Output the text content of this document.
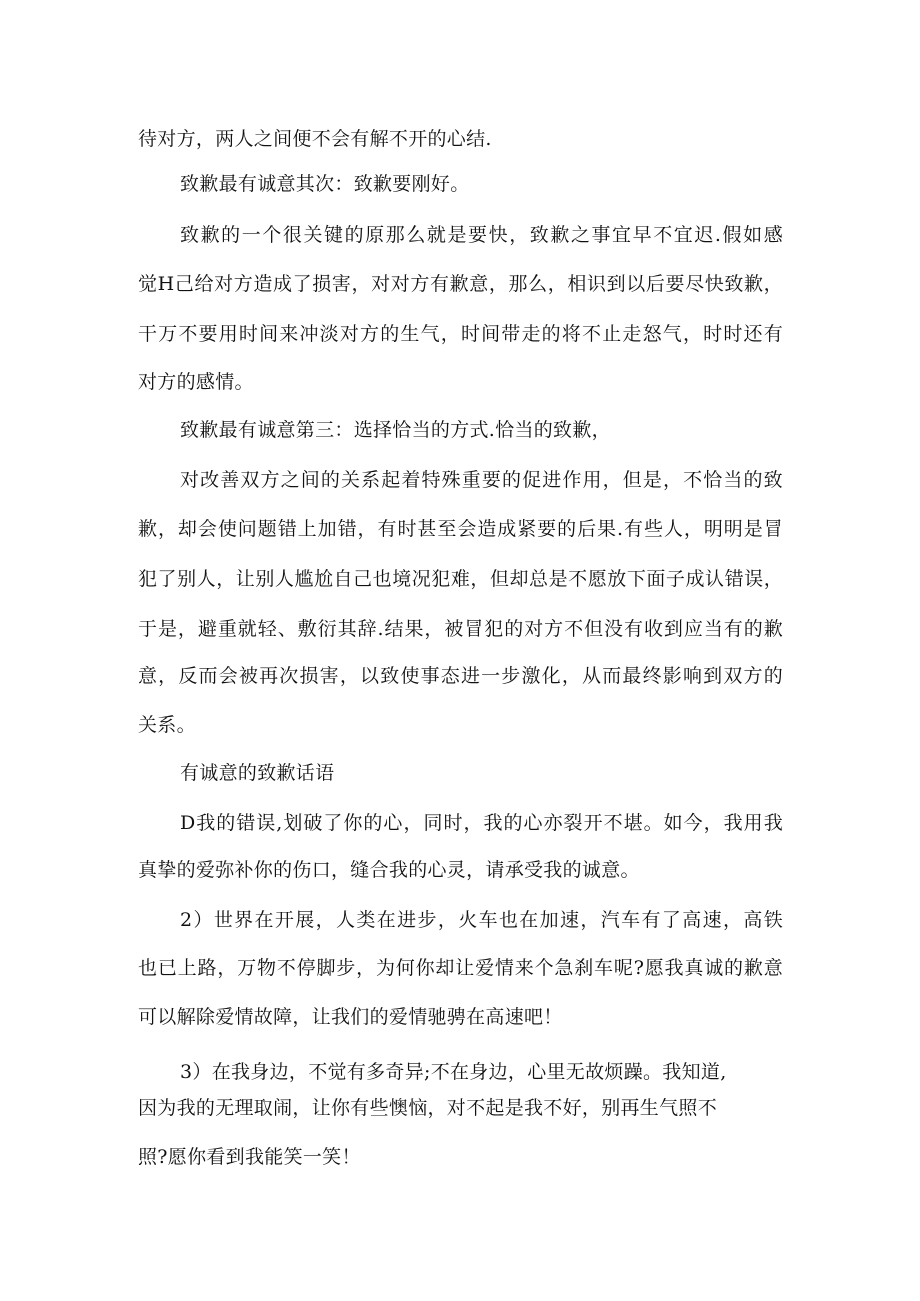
待对方，两人之间便不会有解不开的心结.
致歉最有诚意其次：致歉要刚好。
致歉的一个很关键的原那么就是要快，致歉之事宜早不宜迟.假如感
觉H己给对方造成了损害，对对方有歉意，那么，相识到以后要尽快致歉，
干万不要用时间来冲淡对方的生气，时间带走的将不止走怒气，时时还有
对方的感情。
致歉最有诚意第三：选择恰当的方式.恰当的致歉，
对改善双方之间的关系起着特殊重要的促进作用，但是，不恰当的致
歉，却会使问题错上加错，有时甚至会造成紧要的后果.有些人，明明是冒
犯了别人，让别人尴尬自己也境况犯难，但却总是不愿放下面子成认错误，
于是，避重就轻、敷衍其辞.结果，被冒犯的对方不但没有收到应当有的歉
意，反而会被再次损害，以致使事态进一步激化，从而最终影响到双方的
关系。
有诚意的致歉话语
D我的错误,划破了你的心，同时，我的心亦裂开不堪。如今，我用我
真挚的爱弥补你的伤口，缝合我的心灵，请承受我的诚意。
2）世界在开展，人类在进步，火车也在加速，汽车有了高速，高铁
也已上路，万物不停脚步，为何你却让爱情来个急刹车呢?愿我真诚的歉意
可以解除爱情故障，让我们的爱情驰骋在高速吧！
3）在我身边，不觉有多奇异;不在身边，心里无故烦躁。我知道,
因为我的无理取闹，让你有些懊恼，对不起是我不好，别再生气照不
照?愿你看到我能笑一笑！
